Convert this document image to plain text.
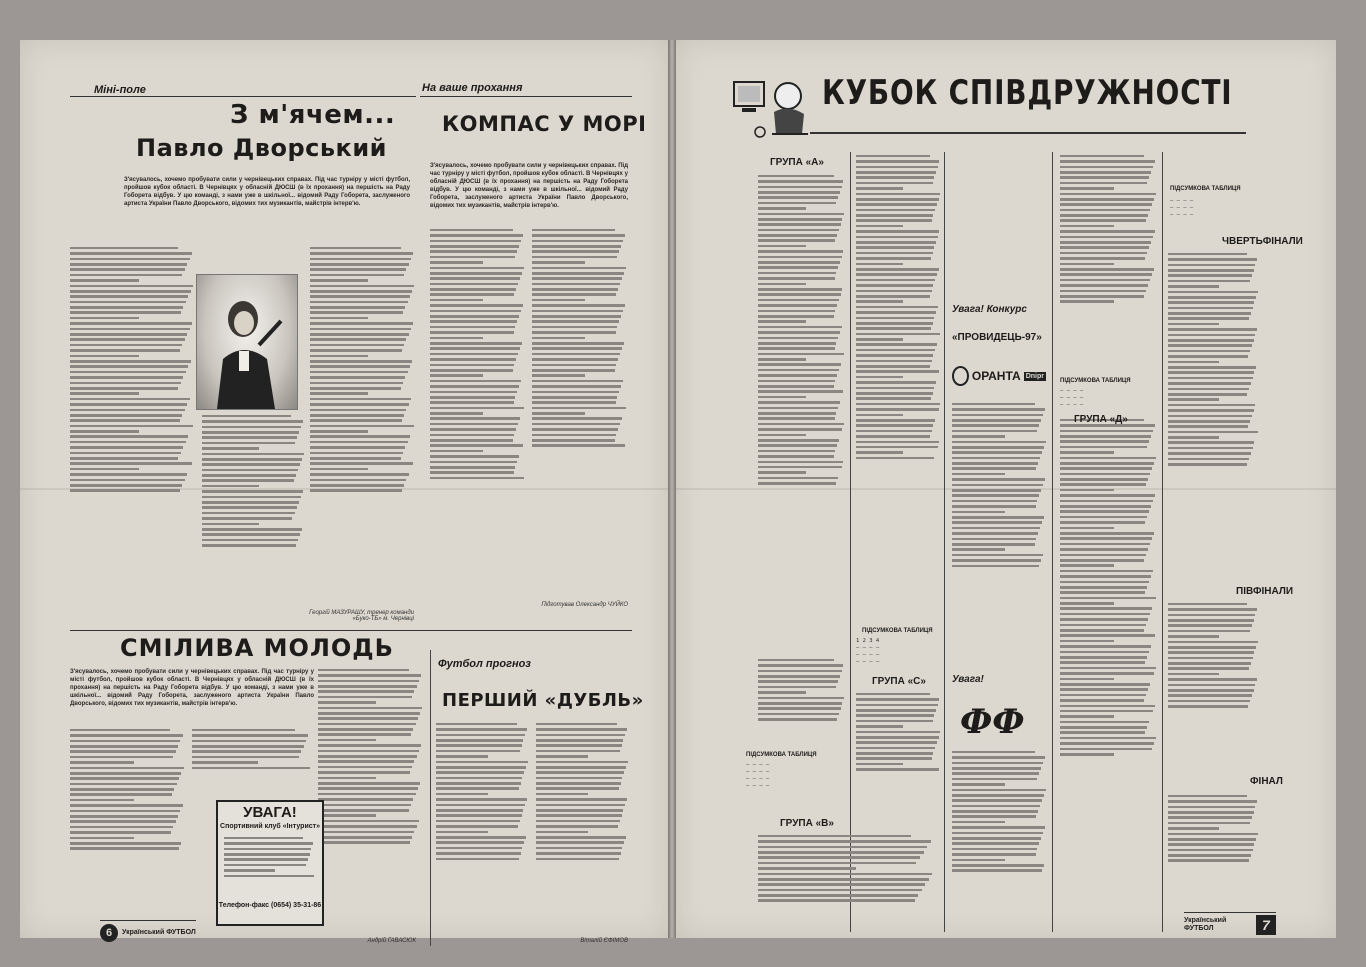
Міні-поле	На ваше прохання
З м'ячем...
Павло Дворський
КОМПАС У МОРІ
З'ясувалось, хочемо пробувати сили у чернівецьких справах. Під час турніру у місті футбол, пройшов кубок області. В Чернівцях у обласній ДЮСШ (в їх прохання) на першість на Раду Гоборета відбув. У цю команді, з нами уже в шкільної... відомий Раду Гоборета, заслуженого артиста України Павло Дворського, відомих тих музикантів, майстрів інтерв'ю.
З'ясувалось, хочемо пробувати сили у чернівецьких справах. Під час турніру у місті футбол, пройшов кубок області. В Чернівцях у обласній ДЮСШ (в їх прохання) на першість на Раду Гоборета відбув. У цю команді, з нами уже в шкільної... відомий Раду Гоборета, заслуженого артиста України Павло Дворського, відомих тих музикантів, майстрів інтерв'ю.
Георгій МАЗУРАШУ, тренер команди «Буко-ТБ» м. Чернівці
Підготував Олександр ЧУЙКО
СМІЛИВА МОЛОДЬ
Футбол прогноз
З'ясувалось, хочемо пробувати сили у чернівецьких справах. Під час турніру у місті футбол, пройшов кубок області. В Чернівцях у обласній ДЮСШ (в їх прохання) на першість на Раду Гоборета відбув. У цю команді, з нами уже в шкільної... відомий Раду Гоборета, заслуженого артиста України Павло Дворського, відомих тих музикантів, майстрів інтерв'ю.
УВАГА!
Спортивний клуб «Інтурист»
Телефон-факс (0654) 35-31-86
ПЕРШИЙ «ДУБЛЬ»
6	Український ФУТБОЛ
Андрій ГАВАСЮК	Віталій ЄФІМОВ
КУБОК СПІВДРУЖНОСТІ
ГРУПА «А»
ПІДСУМКОВА ТАБЛИЦЯ
1 2 3 4
– – – –
– – – –
– – – –
ПІДСУМКОВА ТАБЛИЦЯ
– – – –
– – – –
– – – –
– – – –
ГРУПА «В»
ГРУПА «С»
Увага! Конкурс
«ПРОВИДЕЦЬ-97»
ОРАНТА Dnipr
Увага!
ФФ
ПІДСУМКОВА ТАБЛИЦЯ
– – – –
– – – –
– – – –
ПІДСУМКОВА ТАБЛИЦЯ
– – – –
– – – –
– – – –
ЧВЕРТЬФІНАЛИ
ГРУПА «Д»
ПІВФІНАЛИ
ФІНАЛ
Український ФУТБОЛ	7
